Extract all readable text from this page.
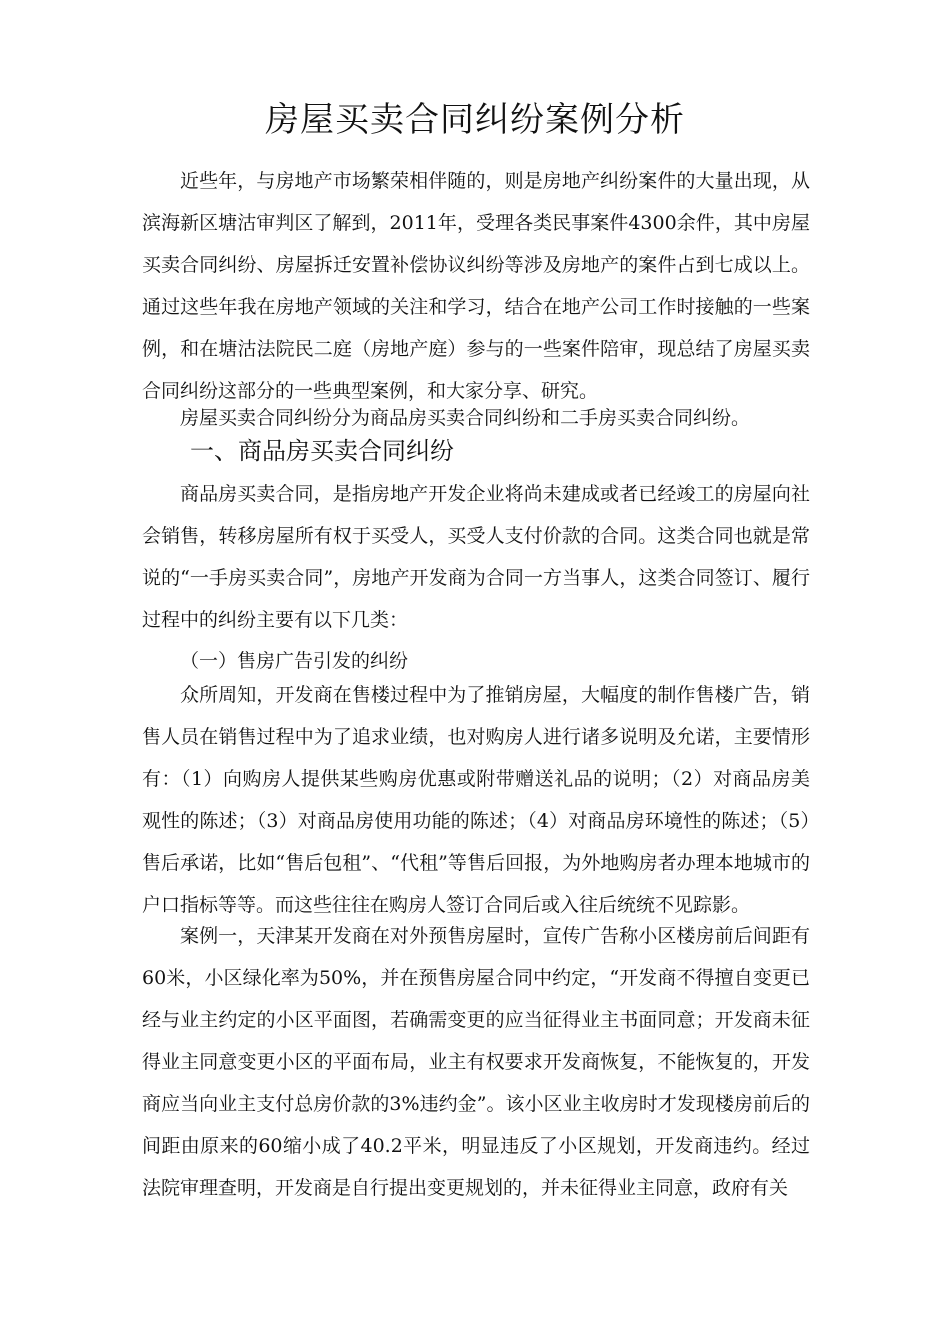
房屋买卖合同纠纷案例分析

近些年，与房地产市场繁荣相伴随的，则是房地产纠纷案件的大量出现，从滨海新区塘沽审判区了解到，2011年，受理各类民事案件4300余件，其中房屋买卖合同纠纷、房屋拆迁安置补偿协议纠纷等涉及房地产的案件占到七成以上。通过这些年我在房地产领域的关注和学习，结合在地产公司工作时接触的一些案例，和在塘沽法院民二庭（房地产庭）参与的一些案件陪审，现总结了房屋买卖合同纠纷这部分的一些典型案例，和大家分享、研究。

房屋买卖合同纠纷分为商品房买卖合同纠纷和二手房买卖合同纠纷。

一、商品房买卖合同纠纷

商品房买卖合同，是指房地产开发企业将尚未建成或者已经竣工的房屋向社会销售，转移房屋所有权于买受人，买受人支付价款的合同。这类合同也就是常说的“一手房买卖合同”，房地产开发商为合同一方当事人，这类合同签订、履行过程中的纠纷主要有以下几类：

（一）售房广告引发的纠纷

众所周知，开发商在售楼过程中为了推销房屋，大幅度的制作售楼广告，销售人员在销售过程中为了追求业绩，也对购房人进行诸多说明及允诺，主要情形有：（1）向购房人提供某些购房优惠或附带赠送礼品的说明；（2）对商品房美观性的陈述；（3）对商品房使用功能的陈述；（4）对商品房环境性的陈述；（5）售后承诺，比如“售后包租”、“代租”等售后回报，为外地购房者办理本地城市的户口指标等等。而这些往往在购房人签订合同后或入往后统统不见踪影。

案例一，天津某开发商在对外预售房屋时，宣传广告称小区楼房前后间距有60米，小区绿化率为50%，并在预售房屋合同中约定，“开发商不得擅自变更已经与业主约定的小区平面图，若确需变更的应当征得业主书面同意；开发商未征得业主同意变更小区的平面布局，业主有权要求开发商恢复，不能恢复的，开发商应当向业主支付总房价款的3%违约金”。该小区业主收房时才发现楼房前后的间距由原来的60缩小成了40.2平米，明显违反了小区规划，开发商违约。经过法院审理查明，开发商是自行提出变更规划的，并未征得业主同意，政府有关
